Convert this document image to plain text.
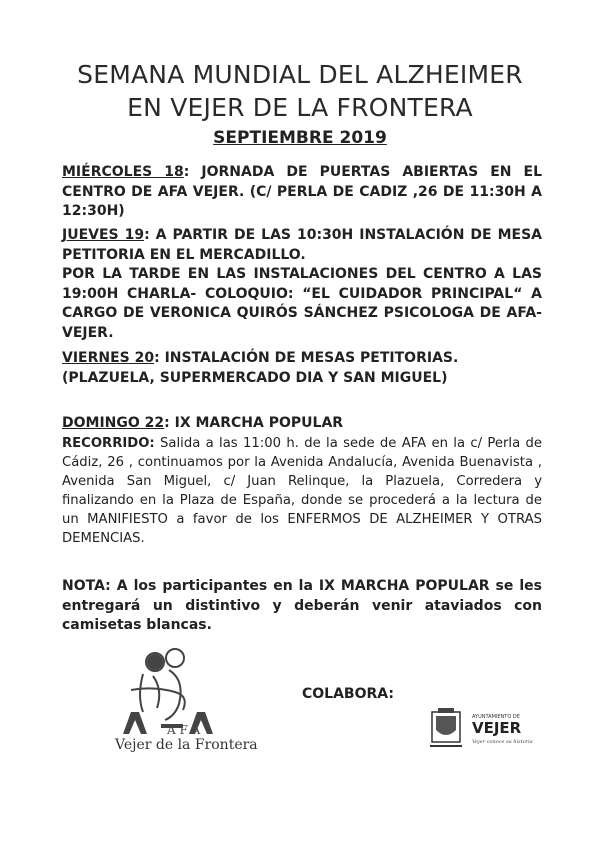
SEMANA MUNDIAL DEL ALZHEIMER
EN VEJER DE LA FRONTERA
SEPTIEMBRE 2019
MIÉRCOLES 18: JORNADA DE PUERTAS ABIERTAS EN EL CENTRO DE AFA VEJER. (C/ PERLA DE CADIZ ,26 DE 11:30H A 12:30H)
JUEVES 19: A PARTIR DE LAS 10:30H INSTALACIÓN DE MESA PETITORIA EN EL MERCADILLO.
POR LA TARDE EN LAS INSTALACIONES DEL CENTRO A LAS 19:00H CHARLA- COLOQUIO: “EL CUIDADOR PRINCIPAL“ A CARGO DE VERONICA QUIRÓS SÁNCHEZ PSICOLOGA DE AFA-VEJER.
VIERNES 20: INSTALACIÓN DE MESAS PETITORIAS.
(PLAZUELA, SUPERMERCADO DIA Y SAN MIGUEL)
DOMINGO 22: IX MARCHA POPULAR
RECORRIDO: Salida a las 11:00 h. de la sede de AFA en la c/ Perla de Cádiz, 26 , continuamos por la Avenida Andalucía, Avenida Buenavista , Avenida San Miguel, c/ Juan Relinque, la Plazuela, Corredera y finalizando en la Plaza de España, donde se procederá a la lectura de un MANIFIESTO a favor de los ENFERMOS DE ALZHEIMER Y OTRAS DEMENCIAS.
NOTA: A los participantes en la IX MARCHA POPULAR se les entregará un distintivo y deberán venir ataviados con camisetas blancas.
A F A
Vejer de la Frontera
COLABORA:
AYUNTAMIENTO DE
VEJER
Vejer conoce su historia
